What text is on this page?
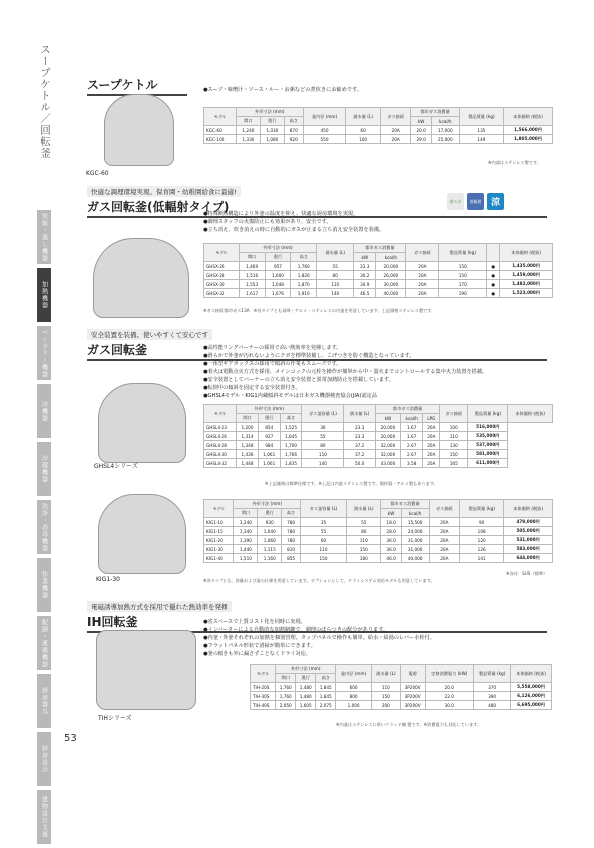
スープケトル／回転釜
炊飯・蒸し機器
加熱機器
ベーカリー機器
冷機器
冷蔵機器
洗浄・消毒機器
作業機器
配膳・運搬機器
厨房器具
厨房設計
建物設計支援
53
スープケトル
KGC-60
●スープ・味噌汁・ソース・ルー・お粥などの煮炊きにお勧めです。
モデル	外形寸法 (mm)			釜内径 (mm)	満水量 (L)	ガス接続	都市ガス消費量		製品質量 (kg)	本体価格 (税抜)
	間口	奥行	高さ				kW	kcal/h		
KGC-60	1,240	1,030	870	450	60	20A	20.0	17,000	135	1,566,000円
KGC-100	1,330	1,080	920	550	100	20A	29.0	25,000	149	1,805,000円
※内部はステンレス製です。
快適な調理環境実現。保育園・幼稚園給食に最適!
ガス回転釜(低輻射タイプ)	省エネ	低輻射	涼
●特殊断熱構造により外釜の温度を抑え、快適な厨房環境を実現。
●調理スタッフの火傷防止にも効果があり、安全です。
●立ち消え、炊き消えの時に自動的にガスが止まる立ち消え安全装置を装備。
モデル	外形寸法 (mm)			満水量 (L)	都市ガス消費量		ガス接続	製品質量 (kg)		本体価格 (税抜)
	間口	奥行	高さ		kW	kcal/h				
GHSX-26	1,469	957	1,760	55	23.3	20,000	20A	150	●	1,435,000円
GHSX-28	1,516	1,000	1,820	80	30.2	26,000	20A	150	●	1,459,000円
GHSX-30	1,553	1,048	1,870	110	34.9	30,000	20A	170	●	1,482,000円
GHSX-32	1,617	1,076	1,910	140	46.5	40,000	20A	190	●	1,523,000円
※ガス接続:都市ガス13A　※各タイプとも昇降・アルミ・ステンレスの内釜を用意しています。上記価格ステンレス製です。
安全装置を装備。使いやすくて安心です
ガス回転釜	●高性能リングバーナーの採用で高い熱効率を発揮します。
●滑らかで外釜が汚れないようにクボを標準装備し、こげつきを防ぐ構造となっています。
●一体型ギアボックスの採用で傾斜の作業もスムーズです。
●着火は電動点火方式を採用、メインコックの元栓を操作が簡単から中・弱火までコントロールする集中火力装置を搭載。
●安全装置としてバーナーの立ち消え安全装置と異常加熱防止を搭載しています。
●転倒中の傾斜を固定する安全装置付き。
●GHSL4モデル・KIG1内蔵傾斜モデルは日本ガス機器検査協会(JIA)認定品
GHSL4シリーズ
モデル	外形寸法 (mm)			ガス釜容量 (L)	満水量 (L)	都市ガス消費量			ガス接続	製品質量 (kg)	本体価格 (税抜)
	間口	奥行	高さ			kW	kcal/h	LPG			
GHSL4-23	1,200	854	1,525	36	23.3	20,000	1.67	20A	100	516,000円	
GHSL4-26	1,314	927	1,645	55	23.3	20,000	1.67	20A	110	535,000円	
GHSL4-28	1,348	984	1,700	80	37.2	32,000	2.67	20A	130	537,000円	
GHSL4-30	1,436	1,061	1,766	110	37.2	32,000	2.67	20A	150	581,000円	
GHSL4-32	1,448	1,061	1,835	140	50.0	43,000	3.58	20A	165	611,000円	
※上記価格は標準仕様です。※上記は内釜ステンレス製です。撹拌器・アルミ製もあります。
KIG1-30
モデル	外形寸法 (mm)			ガス釜容量 (L)	満水量 (L)	都市ガス消費量		ガス接続	製品質量 (kg)	本体価格 (税抜)
	間口	奥行	高さ			kW	kcal/h			
KIG1-10	1,240	930	780	35	55	18.0	15,500	20A	90	479,000円
KIG1-15	1,340	1,040	780	55	80	28.0	24,000	20A	108	505,000円
KIG1-20	1,390	1,060	780	60	110	36.0	31,000	20A	120	531,000円
KIG1-30	1,440	1,115	810	110	150	36.0	31,000	20A	126	583,000円
KIG1-40	1,510	1,160	855	150	180	46.0	40,000	20A	141	644,000円
※各社：SUS（標準）
※各タイプとも、容量および釜の仕様を用意しています。オプションとして、ドライシステム対応モデルも用意しています。
電磁誘導加熱方式を採用で優れた熱効率を発揮
IH回転釜	●省スペースで上質コスト化を同時に実現。
●インバーターによる自動的な加熱制御で、調理のばらつきの配分があります。
●内釜・外釜それぞれの加熱を個別管理。タップパネルで操作も簡単。給水・給湯のレバー水栓付。
●フラットパネル形状で清掃が簡単にできます。
●釜の傾きも外に漏さずことなくドライ対応。
TIHシリーズ
モデル	外形寸法 (mm)			釜内径 (mm)	満水量 (L)	電源	定格消費電力 (kW)	製品質量 (kg)	本体価格 (税抜)
	間口	奥行	高さ						
TIH-20S	1,760	1,480	1,845	600	110	3P200V	20.0	370	5,558,000円
TIH-30S	1,760	1,480	1,845	800	150	3P200V	22.0	390	6,126,000円
TIH-40S	2,050	1,605	2,075	1,000	200	3P200V	30.0	480	6,695,000円
※内釜はステンレスに厚いクラッド鋼 製です。※消費電力も対応しています。
